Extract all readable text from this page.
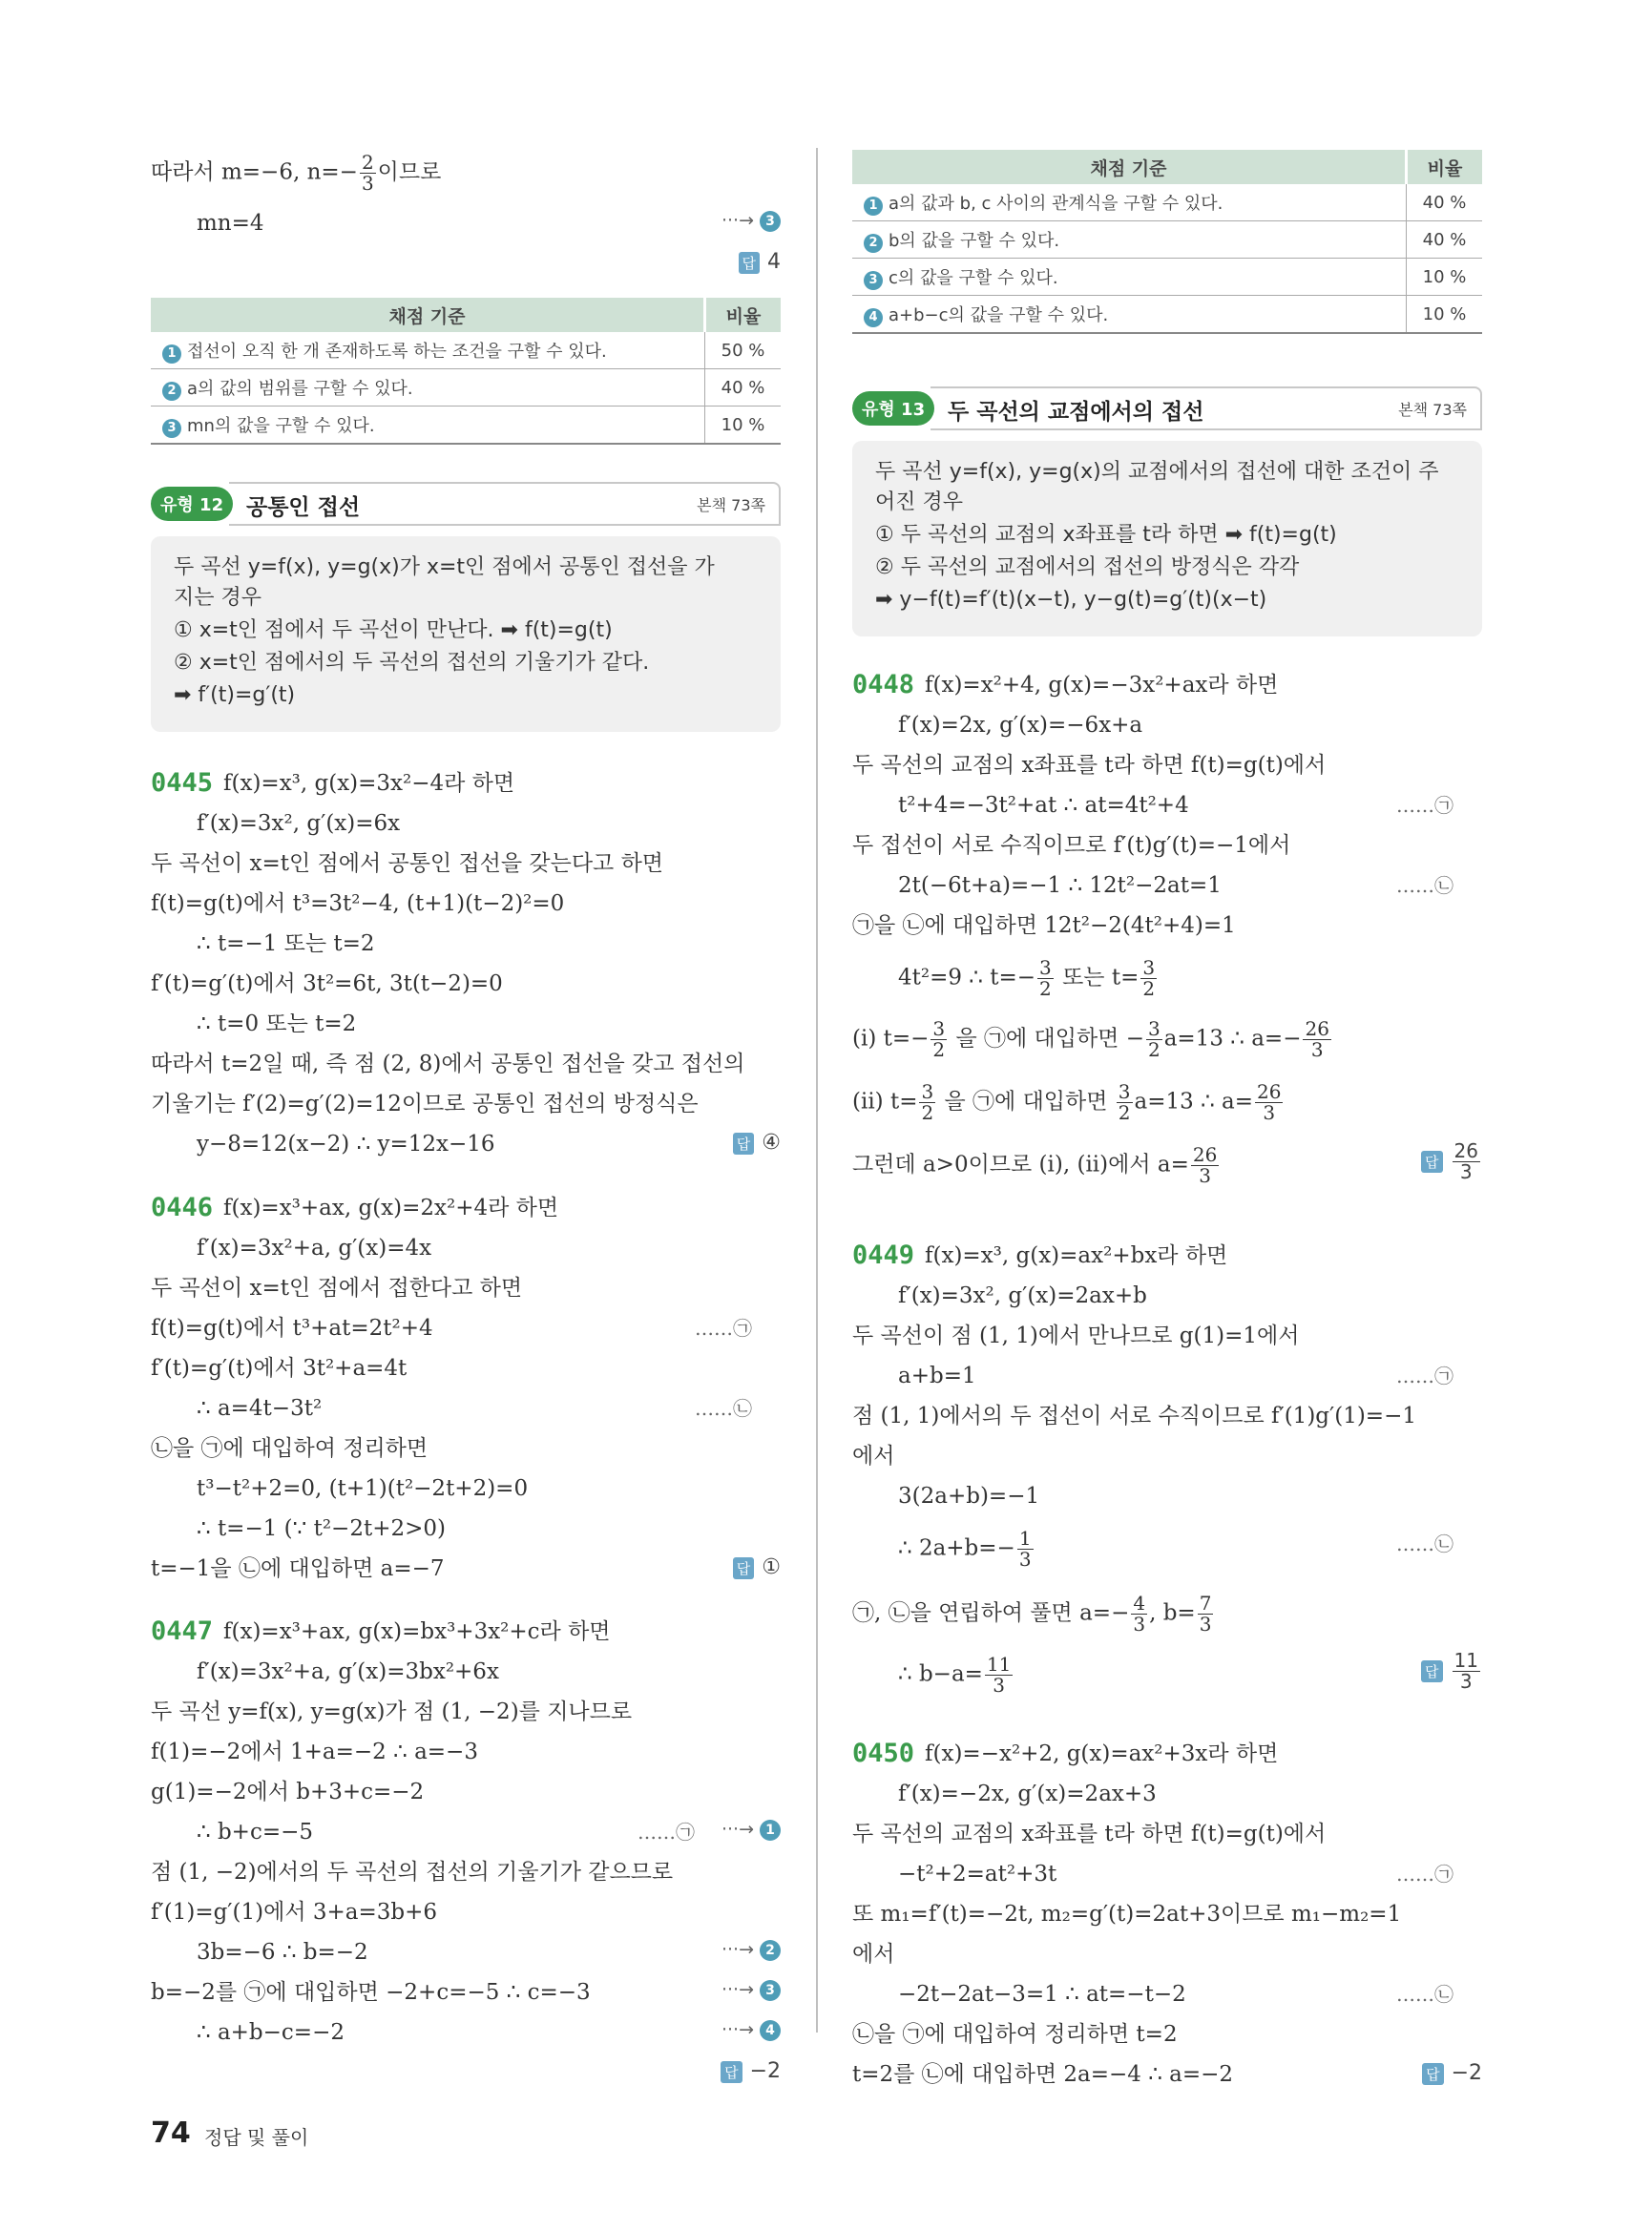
따라서 m=−6, $n=- \frac{2}{3}$ 이므로
mn=4	···→ 3
답 4
채점 기준	비율
1 접선이 오직 한 개 존재하도록 하는 조건을 구할 수 있다.	50 %
2 a의 값의 범위를 구할 수 있다.	40 %
3 mn의 값을 구할 수 있다.	10 %
유형 12	공통인 접선	본책 73쪽
두 곡선 y=f(x), y=g(x)가 x=t인 점에서 공통인 접선을 가
지는 경우
① x=t인 점에서 두 곡선이 만난다. ➡ f(t)=g(t)
② x=t인 점에서의 두 곡선의 접선의 기울기가 같다.
➡ f′(t)=g′(t)
0445 f(x)=x³, g(x)=3x²−4라 하면
f′(x)=3x², g′(x)=6x
두 곡선이 x=t인 점에서 공통인 접선을 갖는다고 하면
f(t)=g(t)에서 t³=3t²−4, (t+1)(t−2)²=0
∴ t=−1 또는 t=2
f′(t)=g′(t)에서 3t²=6t, 3t(t−2)=0
∴ t=0 또는 t=2
따라서 t=2일 때, 즉 점 (2, 8)에서 공통인 접선을 갖고 접선의
기울기는 f′(2)=g′(2)=12이므로 공통인 접선의 방정식은
y−8=12(x−2) ∴ y=12x−16	답 ④
0446 f(x)=x³+ax, g(x)=2x²+4라 하면
f′(x)=3x²+a, g′(x)=4x
두 곡선이 x=t인 점에서 접한다고 하면
f(t)=g(t)에서 t³+at=2t²+4	……㉠
f′(t)=g′(t)에서 3t²+a=4t
∴ a=4t−3t²	……㉡
㉡을 ㉠에 대입하여 정리하면
t³−t²+2=0, (t+1)(t²−2t+2)=0
∴ t=−1 (∵ t²−2t+2>0)
t=−1을 ㉡에 대입하면 a=−7	답 ①
0447 f(x)=x³+ax, g(x)=bx³+3x²+c라 하면
f′(x)=3x²+a, g′(x)=3bx²+6x
두 곡선 y=f(x), y=g(x)가 점 (1, −2)를 지나므로
f(1)=−2에서 1+a=−2 ∴ a=−3
g(1)=−2에서 b+3+c=−2
∴ b+c=−5	……㉠ ···→ 1
점 (1, −2)에서의 두 곡선의 접선의 기울기가 같으므로
f′(1)=g′(1)에서 3+a=3b+6
3b=−6 ∴ b=−2	···→ 2
b=−2를 ㉠에 대입하면 −2+c=−5 ∴ c=−3	···→ 3
∴ a+b−c=−2	···→ 4
답 −2
채점 기준	비율
1 a의 값과 b, c 사이의 관계식을 구할 수 있다.	40 %
2 b의 값을 구할 수 있다.	40 %
3 c의 값을 구할 수 있다.	10 %
4 a+b−c의 값을 구할 수 있다.	10 %
유형 13	두 곡선의 교점에서의 접선	본책 73쪽
두 곡선 y=f(x), y=g(x)의 교점에서의 접선에 대한 조건이 주
어진 경우
① 두 곡선의 교점의 x좌표를 t라 하면 ➡ f(t)=g(t)
② 두 곡선의 교점에서의 접선의 방정식은 각각
➡ y−f(t)=f′(t)(x−t), y−g(t)=g′(t)(x−t)
0448 f(x)=x²+4, g(x)=−3x²+ax라 하면
f′(x)=2x, g′(x)=−6x+a
두 곡선의 교점의 x좌표를 t라 하면 f(t)=g(t)에서
t²+4=−3t²+at ∴ at=4t²+4	……㉠
두 접선이 서로 수직이므로 f′(t)g′(t)=−1에서
2t(−6t+a)=−1 ∴ 12t²−2at=1	……㉡
㉠을 ㉡에 대입하면 12t²−2(4t²+4)=1
4t²=9 ∴ $t=- \frac{3}{2}$ 또는 $t= \frac{3}{2}$
(i) $t=- \frac{3}{2}$ 을 ㉠에 대입하면 − $\frac{3}{2} a=13$ ∴ $a=- \frac{26}{3}$
(ii) $t= \frac{3}{2}$ 을 ㉠에 대입하면 $\frac{3}{2} a=13$ ∴ $a= \frac{26}{3}$
그런데 a>0이므로 (i), (ii)에서 $a= \frac{26}{3}$	답 $\frac{26}{3}$
0449 f(x)=x³, g(x)=ax²+bx라 하면
f′(x)=3x², g′(x)=2ax+b
두 곡선이 점 (1, 1)에서 만나므로 g(1)=1에서
a+b=1	……㉠
점 (1, 1)에서의 두 접선이 서로 수직이므로 f′(1)g′(1)=−1
에서
3(2a+b)=−1
∴ $2a+b=- \frac{1}{3}$	……㉡
㉠, ㉡을 연립하여 풀면 $a=- \frac{4}{3}$ , $b= \frac{7}{3}$
∴ $b-a= \frac{11}{3}$	답 $\frac{11}{3}$
0450 f(x)=−x²+2, g(x)=ax²+3x라 하면
f′(x)=−2x, g′(x)=2ax+3
두 곡선의 교점의 x좌표를 t라 하면 f(t)=g(t)에서
−t²+2=at²+3t	……㉠
또 m₁=f′(t)=−2t, m₂=g′(t)=2at+3이므로 m₁−m₂=1
에서
−2t−2at−3=1 ∴ at=−t−2	……㉡
㉡을 ㉠에 대입하여 정리하면 t=2
t=2를 ㉡에 대입하면 2a=−4 ∴ a=−2	답 −2
74 정답 및 풀이
